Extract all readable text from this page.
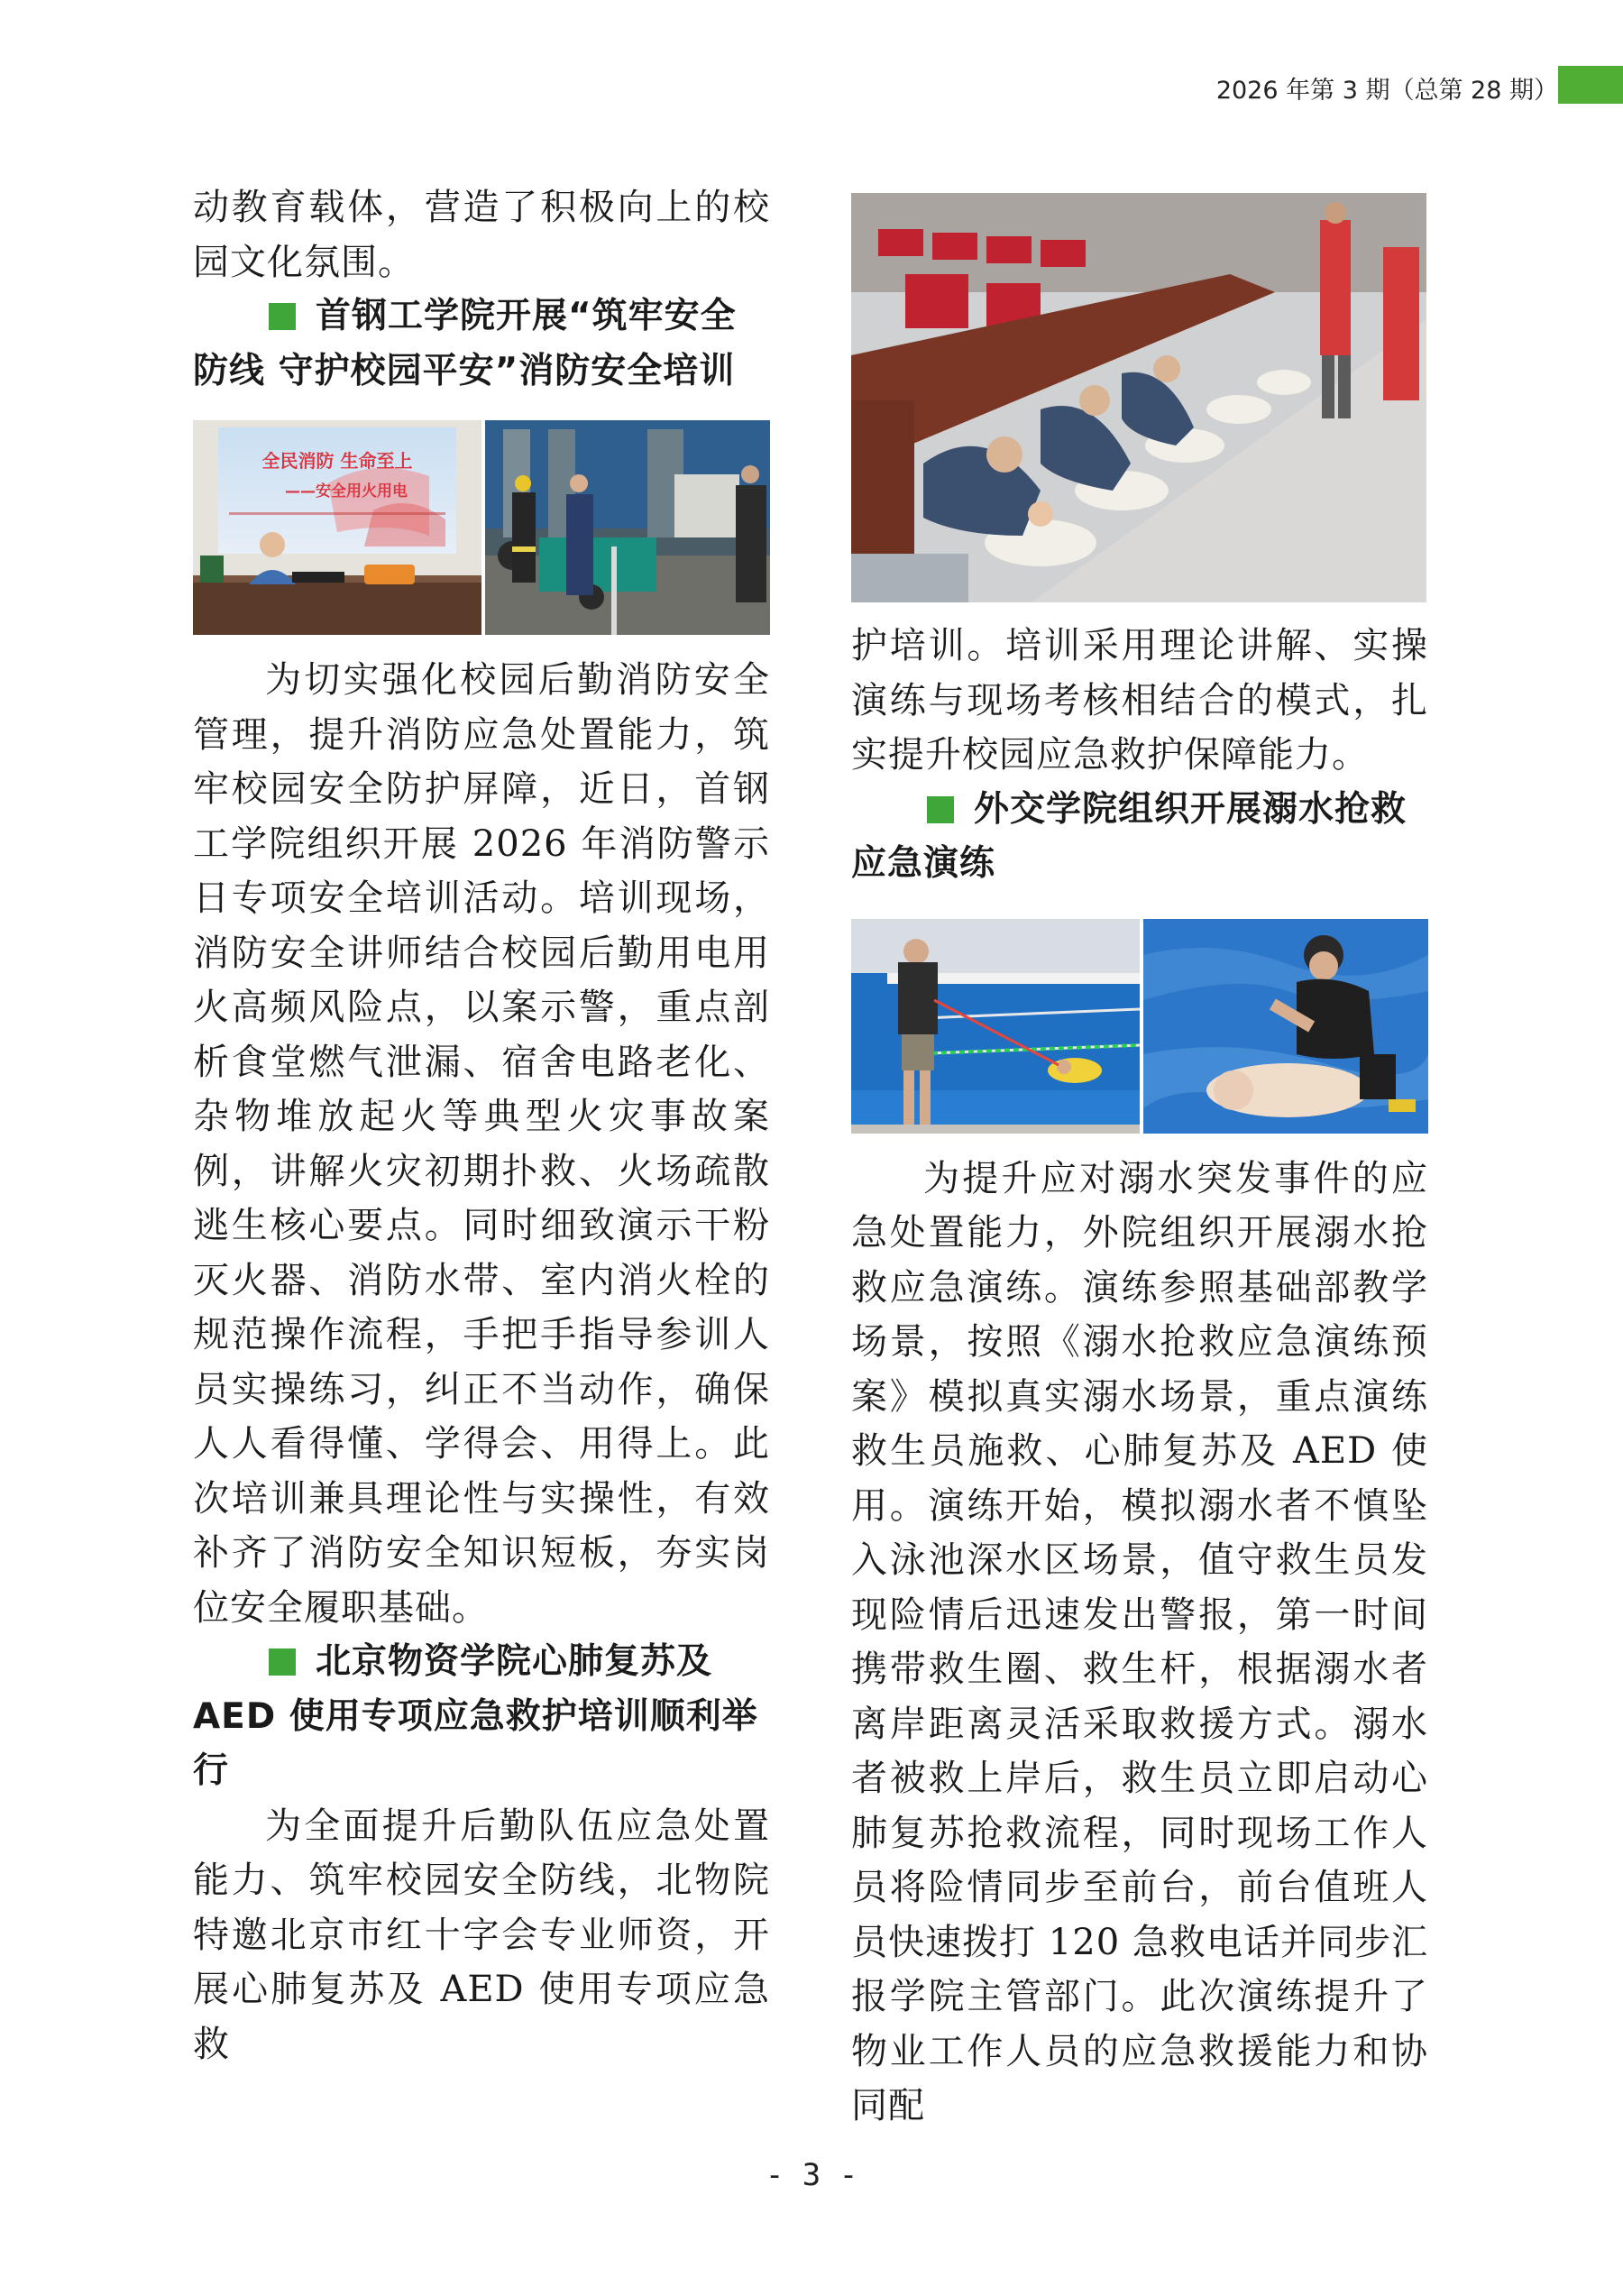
2026 年第 3 期（总第 28 期）

动教育载体，营造了积极向上的校园文化氛围。

首钢工学院开展“筑牢安全防线 守护校园平安”消防安全培训
全民消防 生命至上
——安全用火用电

为切实强化校园后勤消防安全管理，提升消防应急处置能力，筑牢校园安全防护屏障，近日，首钢工学院组织开展 2026 年消防警示日专项安全培训活动。培训现场，消防安全讲师结合校园后勤用电用火高频风险点，以案示警，重点剖析食堂燃气泄漏、宿舍电路老化、杂物堆放起火等典型火灾事故案例，讲解火灾初期扑救、火场疏散逃生核心要点。同时细致演示干粉灭火器、消防水带、室内消火栓的规范操作流程，手把手指导参训人员实操练习，纠正不当动作，确保人人看得懂、学得会、用得上。此次培训兼具理论性与实操性，有效补齐了消防安全知识短板，夯实岗位安全履职基础。

北京物资学院心肺复苏及AED 使用专项应急救护培训顺利举行

为全面提升后勤队伍应急处置能力、筑牢校园安全防线，北物院特邀北京市红十字会专业师资，开展心肺复苏及 AED 使用专项应急救

护培训。培训采用理论讲解、实操演练与现场考核相结合的模式，扎实提升校园应急救护保障能力。

外交学院组织开展溺水抢救应急演练

为提升应对溺水突发事件的应急处置能力，外院组织开展溺水抢救应急演练。演练参照基础部教学场景，按照《溺水抢救应急演练预案》模拟真实溺水场景，重点演练救生员施救、心肺复苏及 AED 使用。演练开始，模拟溺水者不慎坠入泳池深水区场景，值守救生员发现险情后迅速发出警报，第一时间携带救生圈、救生杆，根据溺水者离岸距离灵活采取救援方式。溺水者被救上岸后，救生员立即启动心肺复苏抢救流程，同时现场工作人员将险情同步至前台，前台值班人员快速拨打 120 急救电话并同步汇报学院主管部门。此次演练提升了物业工作人员的应急救援能力和协同配

- 3 -
